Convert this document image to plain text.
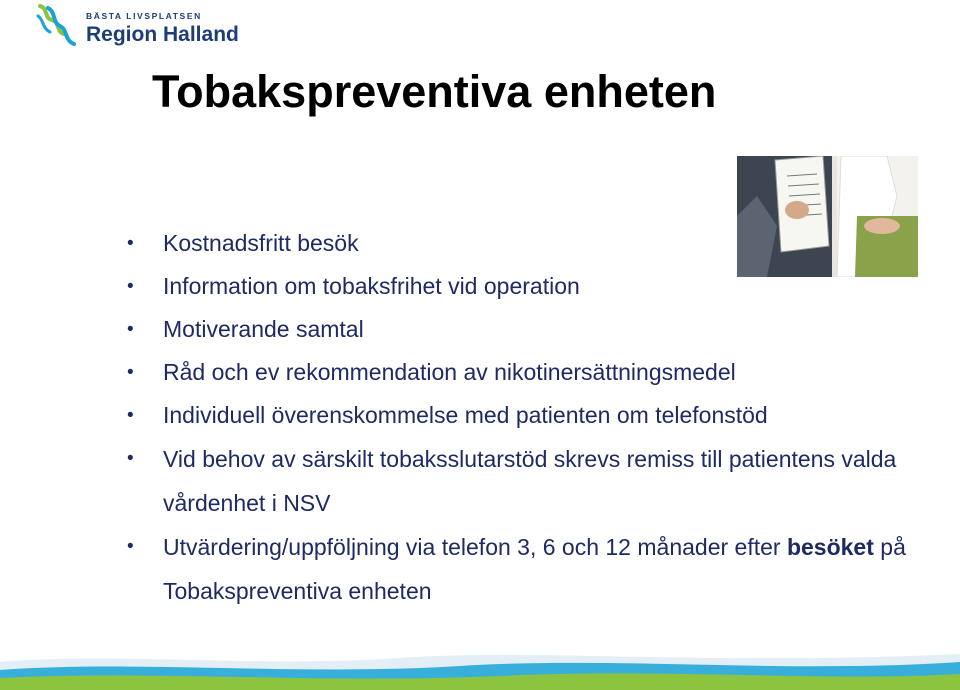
BÄSTA LIVSPLATSEN
Region Halland
Tobakspreventiva enheten
• Kostnadsfritt besök
• Information om tobaksfrihet vid operation
• Motiverande samtal
• Råd och ev rekommendation av nikotinersättningsmedel
• Individuell överenskommelse med patienten om telefonstöd
• Vid behov av särskilt tobaksslutarstöd skrevs remiss till patientens valda vårdenhet i NSV
• Utvärdering/uppföljning via telefon 3, 6 och 12 månader efter besöket på Tobakspreventiva enheten
